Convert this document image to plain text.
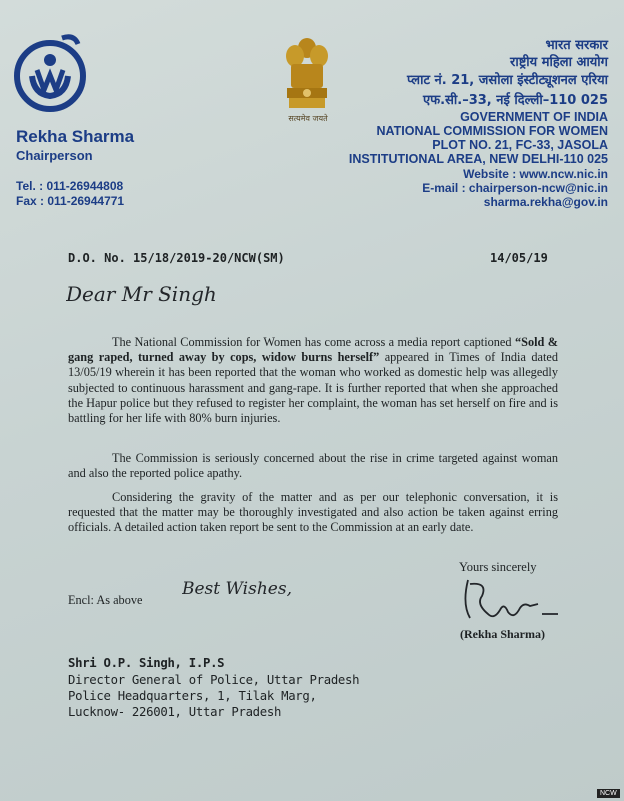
Rekha Sharma

Chairperson

Tel. : 011-26944808

Fax : 011-26944771

सत्यमेव जयते

भारत सरकार

राष्ट्रीय महिला आयोग

प्लाट नं. 21, जसोला इंस्टीट्यूशनल एरिया

एफ.सी.–33, नई दिल्ली–110 025

GOVERNMENT OF INDIA

NATIONAL COMMISSION FOR WOMEN

PLOT NO. 21, FC-33, JASOLA

INSTITUTIONAL AREA, NEW DELHI-110 025

Website : www.ncw.nic.in

E-mail : chairperson-ncw@nic.in

sharma.rekha@gov.in

D.O. No. 15/18/2019-20/NCW(SM)	14/05/19

Dear Mr Singh

The National Commission for Women has come across a media report captioned “Sold & gang raped, turned away by cops, widow burns herself” appeared in Times of India dated 13/05/19 wherein it has been reported that the woman who worked as domestic help was allegedly subjected to continuous harassment and gang-rape. It is further reported that when she approached the Hapur police but they refused to register her complaint, the woman has set herself on fire and is battling for her life with 80% burn injuries.

The Commission is seriously concerned about the rise in crime targeted against woman and also the reported police apathy.

Considering the gravity of the matter and as per our telephonic conversation, it is requested that the matter may be thoroughly investigated and also action be taken against erring officials. A detailed action taken report be sent to the Commission at an early date.

Yours sincerely

Best Wishes,

Encl: As above

(Rekha Sharma)

Shri O.P. Singh, I.P.S

Director General of Police, Uttar Pradesh

Police Headquarters, 1, Tilak Marg,

Lucknow- 226001, Uttar Pradesh

NCW
